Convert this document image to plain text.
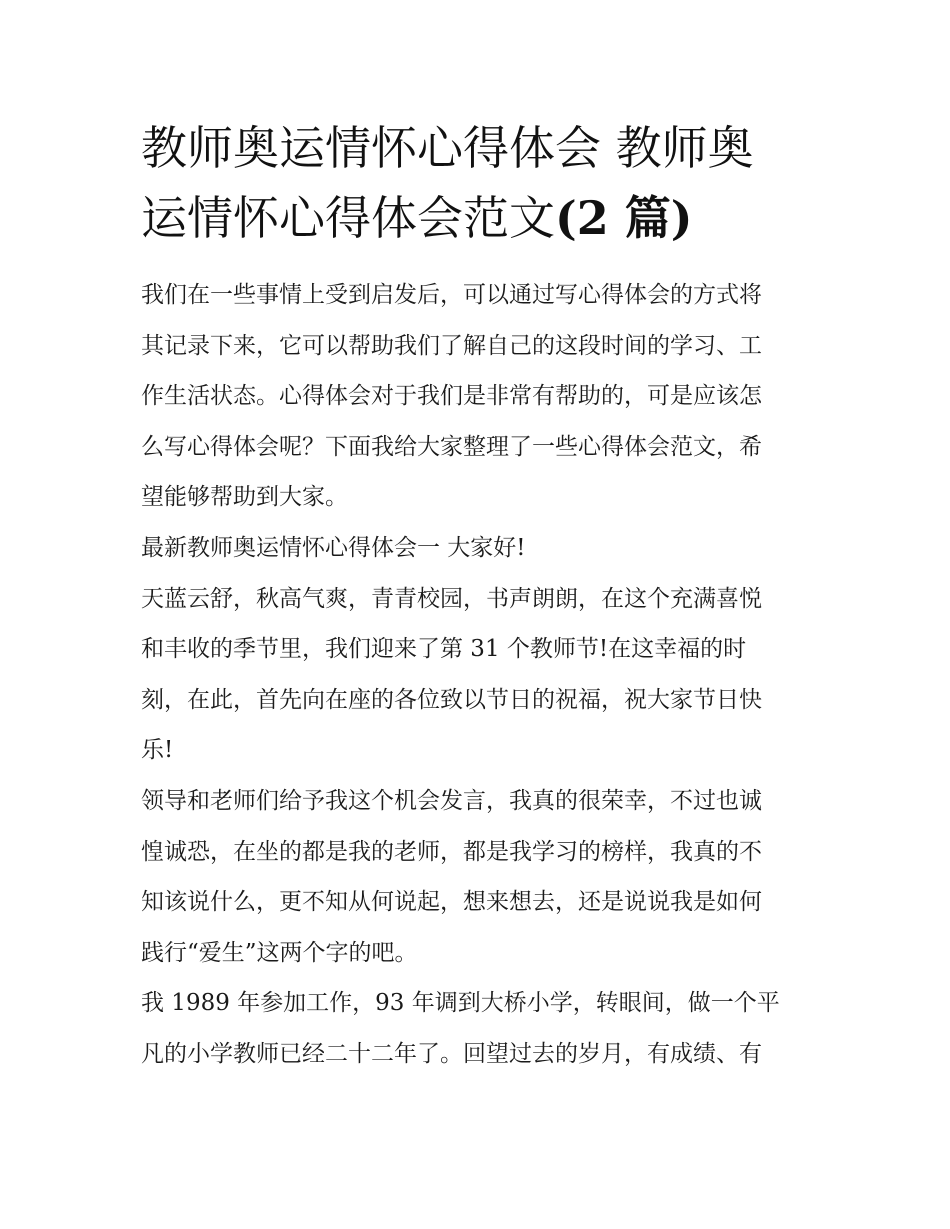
教师奥运情怀心得体会 教师奥
运情怀心得体会范文(2 篇)

我们在一些事情上受到启发后，可以通过写心得体会的方式将
其记录下来，它可以帮助我们了解自己的这段时间的学习、工
作生活状态。心得体会对于我们是非常有帮助的，可是应该怎
么写心得体会呢？下面我给大家整理了一些心得体会范文，希
望能够帮助到大家。

最新教师奥运情怀心得体会一 大家好!

天蓝云舒，秋高气爽，青青校园，书声朗朗，在这个充满喜悦
和丰收的季节里，我们迎来了第 31 个教师节!在这幸福的时
刻，在此，首先向在座的各位致以节日的祝福，祝大家节日快
乐!

领导和老师们给予我这个机会发言，我真的很荣幸，不过也诚
惶诚恐，在坐的都是我的老师，都是我学习的榜样，我真的不
知该说什么，更不知从何说起，想来想去，还是说说我是如何
践行“爱生”这两个字的吧。

我 1989 年参加工作，93 年调到大桥小学，转眼间，做一个平
凡的小学教师已经二十二年了。回望过去的岁月，有成绩、有
